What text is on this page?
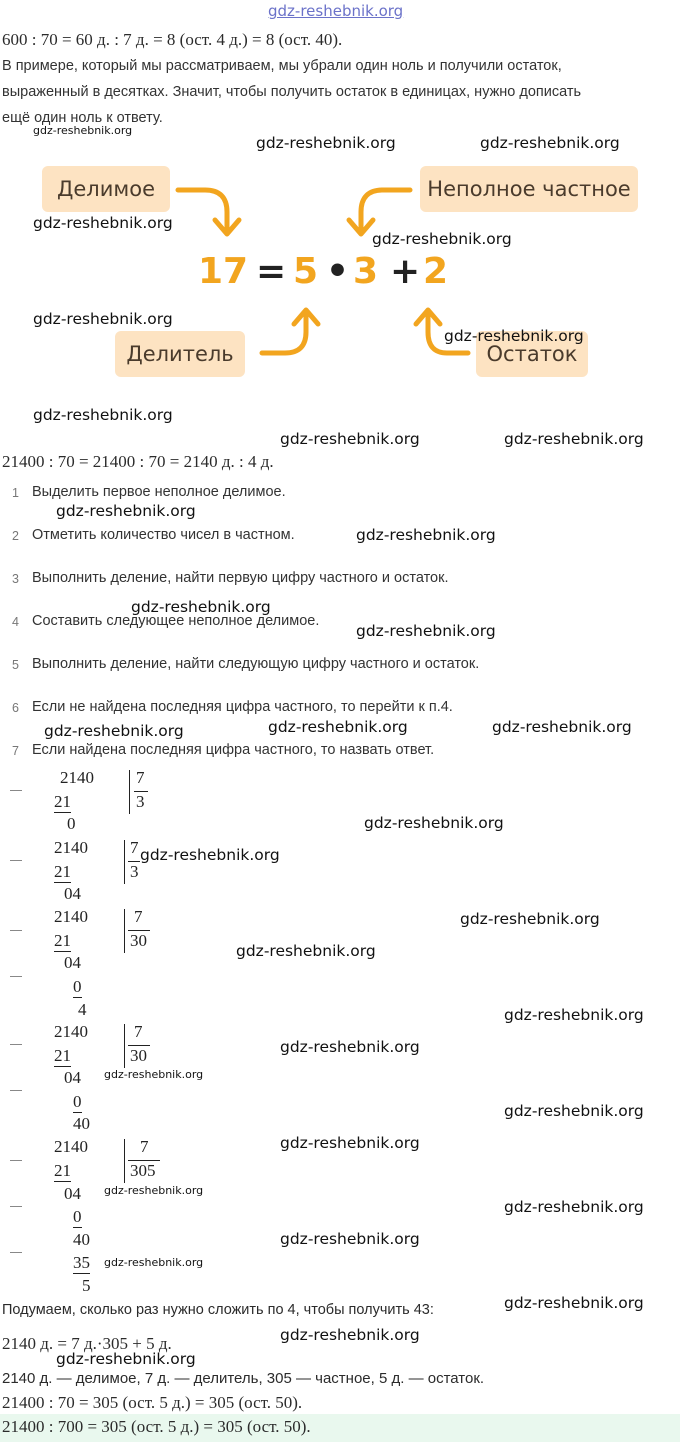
gdz-reshebnik.org
600 : 70 = 60 д. : 7 д. = 8 (ост. 4 д.) = 8 (ост. 40).
В примере, который мы рассматриваем, мы убрали один ноль и получили остаток,
выраженный в десятках. Значит, чтобы получить остаток в единицах, нужно дописать
ещё один ноль к ответу.
gdz-reshebnik.org
gdz-reshebnik.org	gdz-reshebnik.org
Делимое	Неполное частное
Делитель	Остаток
17 = 5 • 3 + 2
gdz-reshebnik.org
gdz-reshebnik.org
gdz-reshebnik.org
gdz-reshebnik.org
gdz-reshebnik.org
gdz-reshebnik.org	gdz-reshebnik.org
21400 : 70 = 21400 : 70 = 2140 д. : 4 д.
1 Выделить первое неполное делимое.
2 Отметить количество чисел в частном.
3 Выполнить деление, найти первую цифру частного и остаток.
4 Составить следующее неполное делимое.
5 Выполнить деление, найти следующую цифру частного и остаток.
6 Если не найдена последняя цифра частного, то перейти к п.4.
7 Если найдена последняя цифра частного, то назвать ответ.
gdz-reshebnik.org
gdz-reshebnik.org
gdz-reshebnik.org
gdz-reshebnik.org
gdz-reshebnik.org	gdz-reshebnik.org	gdz-reshebnik.org
2140
21
0
7
3
gdz-reshebnik.org
2140
21
04
7
3
gdz-reshebnik.org
2140
21
04
0
4
7
30
gdz-reshebnik.org
gdz-reshebnik.org
gdz-reshebnik.org
2140
21
04
0
40
7
30	gdz-reshebnik.org
gdz-reshebnik.org
gdz-reshebnik.org
2140
21
04
0
40
35
5
7
305
gdz-reshebnik.org
gdz-reshebnik.org
gdz-reshebnik.org
gdz-reshebnik.org
gdz-reshebnik.org
Подумаем, сколько раз нужно сложить по 4, чтобы получить 43:	gdz-reshebnik.org
2140 д. = 7 д.·305 + 5 д.	gdz-reshebnik.org
gdz-reshebnik.org
2140 д. — делимое, 7 д. — делитель, 305 — частное, 5 д. — остаток.
21400 : 70 = 305 (ост. 5 д.) = 305 (ост. 50).
21400 : 700 = 305 (ост. 5 д.) = 305 (ост. 50).
